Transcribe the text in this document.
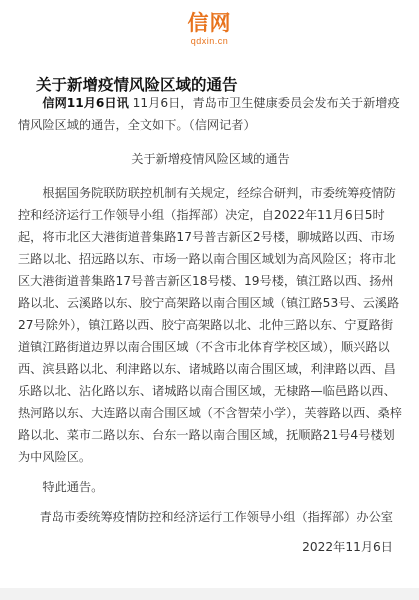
信网
qdxin.cn
关于新增疫情风险区域的通告

信网11月6日讯 11月6日，青岛市卫生健康委员会发布关于新增疫情风险区域的通告，全文如下。（信网记者）

关于新增疫情风险区域的通告

根据国务院联防联控机制有关规定，经综合研判，市委统筹疫情防控和经济运行工作领导小组（指挥部）决定，自2022年11月6日5时起，将市北区大港街道普集路17号普吉新区2号楼，聊城路以西、市场三路以北、招远路以东、市场一路以南合围区域划为高风险区；将市北区大港街道普集路17号普吉新区18号楼、19号楼，镇江路以西、扬州路以北、云溪路以东、胶宁高架路以南合围区域（镇江路53号、云溪路27号除外），镇江路以西、胶宁高架路以北、北仲三路以东、宁夏路街道镇江路街道边界以南合围区域（不含市北体育学校区域），顺兴路以西、滨县路以北、利津路以东、诸城路以南合围区域，利津路以西、昌乐路以北、沾化路以东、诸城路以南合围区域，无棣路—临邑路以西、热河路以东、大连路以南合围区域（不含智荣小学），芙蓉路以西、桑梓路以北、菜市二路以东、台东一路以南合围区域，抚顺路21号4号楼划为中风险区。

特此通告。

青岛市委统筹疫情防控和经济运行工作领导小组（指挥部）办公室

2022年11月6日
